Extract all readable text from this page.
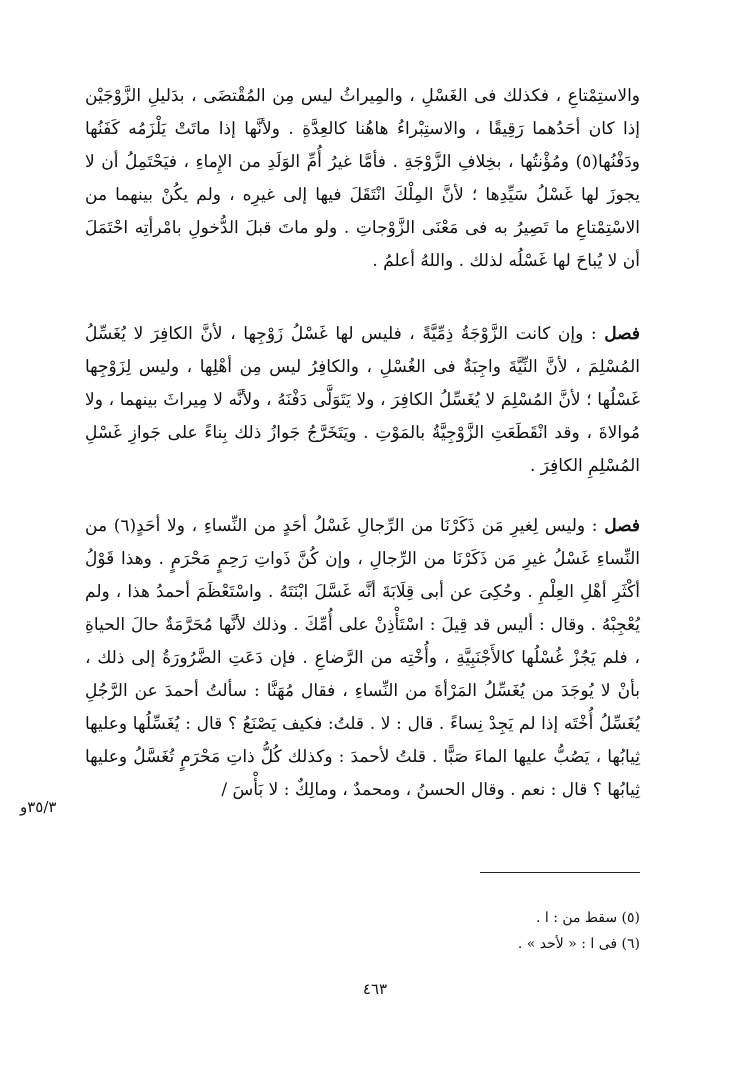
والاستِمْتاعِ ، فكذلك فى الغَسْلِ ، والمِيراثُ ليس مِن المُقْتضَى ، بدَليلِ الزَّوْجَيْن إذا كان أحَدُهما رَقِيقًا ، والاستِبْراءُ هاهُنا كالعِدَّةِ . ولأنَّها إذا ماتَتْ يَلْزَمُه كَفَنُها ودَفْنُها(٥) ومُؤْنتُها ، بخِلافِ الزَّوْجَةِ . فأمَّا غيرُ أُمِّ الوَلَدِ من الإِماءِ ، فيَحْتَمِلُ أن لا يجوزَ لها غَسْلُ سَيِّدِها ؛ لأنَّ المِلْكَ انْتَقَلَ فيها إلى غيرِه ، ولم يكُنْ بينهما من الاسْتِمْتاعِ ما تَصِيرُ به فى مَعْنَى الزَّوْجاتِ . ولو ماتَ قبلَ الدُّخولِ بامْرأتِه احْتَمَلَ أن لا يُباحَ لها غَسْلُه لذلك . واللهُ أعلمُ .

فصل : وإن كانت الزَّوْجَةُ ذِمِّيَّةً ، فليس لها غَسْلُ زَوْجِها ، لأنَّ الكافِرَ لا يُغَسِّلُ المُسْلِمَ ، لأنَّ النِّيَّةَ واجِبَةٌ فى الغُسْلِ ، والكافِرُ ليس مِن أهْلِها ، وليس لِزَوْجِها غَسْلُها ؛ لأنَّ المُسْلِمَ لا يُغَسِّلُ الكافِرَ ، ولا يَتَوَلَّى دَفْنَهُ ، ولأنَّه لا مِيراثَ بينهما ، ولا مُوالاةَ ، وقد انْقَطَعَتِ الزَّوْجِيَّةُ بالمَوْتِ . ويَتَخَرَّجُ جَوازُ ذلك بِناءً على جَوازِ غَسْلِ المُسْلِمِ الكافِرَ .

فصل : وليس لِغيرِ مَن ذَكَرْنَا من الرِّجالِ غَسْلُ أحَدٍ من النِّساءِ ، ولا أحَدٍ(٦) من النِّساءِ غَسْلُ غيرِ مَن ذَكَرْنَا من الرِّجالِ ، وإن كُنَّ ذَواتِ رَحِمٍ مَحْرَمٍ . وهذا قَوْلُ أكْثَرِ أهْلِ العِلْمِ . وحُكِىَ عن أبى قِلَابَةَ أنَّه غَسَّلَ ابْنَتَهُ . واسْتَعْظَمَ أحمدُ هذا ، ولم يُعْجِبْهُ . وقال : أليس قد قِيلَ : اسْتَأْذِنْ على أُمِّكَ . وذلك لأنَّها مُحَرَّمَةٌ حالَ الحياةِ ، فلم يَجُزْ غُسْلُها كالأَجْنَبِيَّةِ ، وأُخْتِه من الرَّضاعِ . فإن دَعَتِ الضَّرُورَةُ إلى ذلك ، بأنْ لا يُوجَدَ من يُغَسِّلُ المَرْأةَ من النِّساءِ ، فقال مُهَنَّا : سألتُ أحمدَ عن الرَّجُلِ يُغَسِّلُ أُخْتَه إذا لم يَجِدْ نِساءً . قال : لا . قلتُ: فكيف يَصْنَعُ ؟ قال : يُغَسِّلُها وعليها ثِيابُها ، يَصُبُّ عليها الماءَ صَبًّا . قلتُ لأحمدَ : وكذلك كُلُّ ذاتِ مَحْرَمٍ تُغَسَّلُ وعليها ثِيابُها ؟ قال : نعم . وقال الحسنُ ، ومحمدٌ ، ومالِكٌ : لا بَأْسَ /

٣٥/٣و

(٥) سقط من : ا .

(٦) فى ا : « لأحد » .

٤٦٣
